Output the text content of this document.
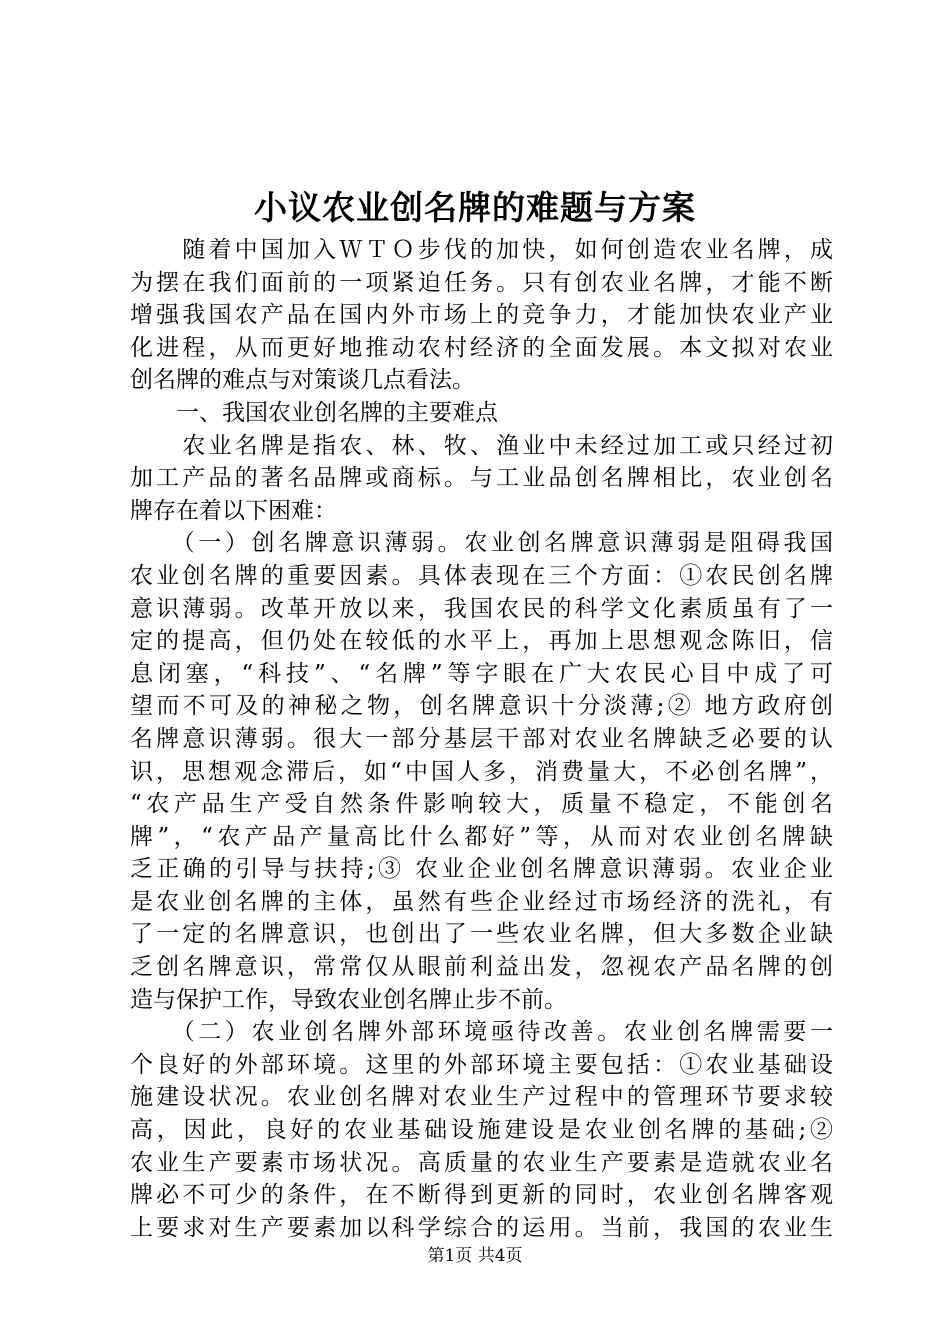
小议农业创名牌的难题与方案
　　随着中国加入ＷＴＯ步伐的加快，如何创造农业名牌，成
为摆在我们面前的一项紧迫任务。只有创农业名牌，才能不断
增强我国农产品在国内外市场上的竞争力，才能加快农业产业
化进程，从而更好地推动农村经济的全面发展。本文拟对农业
创名牌的难点与对策谈几点看法。
　　一、我国农业创名牌的主要难点
　　农业名牌是指农、林、牧、渔业中未经过加工或只经过初
加工产品的著名品牌或商标。与工业品创名牌相比，农业创名
牌存在着以下困难：
　　（一）创名牌意识薄弱。农业创名牌意识薄弱是阻碍我国
农业创名牌的重要因素。具体表现在三个方面：①农民创名牌
意识薄弱。改革开放以来，我国农民的科学文化素质虽有了一
定的提高，但仍处在较低的水平上，再加上思想观念陈旧，信
息闭塞，“科技”、“名牌”等字眼在广大农民心目中成了可
望而不可及的神秘之物，创名牌意识十分淡薄;② 地方政府创
名牌意识薄弱。很大一部分基层干部对农业名牌缺乏必要的认
识，思想观念滞后，如“中国人多，消费量大，不必创名牌”，
“农产品生产受自然条件影响较大，质量不稳定，不能创名
牌”，“农产品产量高比什么都好”等，从而对农业创名牌缺
乏正确的引导与扶持;③ 农业企业创名牌意识薄弱。农业企业
是农业创名牌的主体，虽然有些企业经过市场经济的洗礼，有
了一定的名牌意识，也创出了一些农业名牌，但大多数企业缺
乏创名牌意识，常常仅从眼前利益出发，忽视农产品名牌的创
造与保护工作，导致农业创名牌止步不前。
　　（二）农业创名牌外部环境亟待改善。农业创名牌需要一
个良好的外部环境。这里的外部环境主要包括：①农业基础设
施建设状况。农业创名牌对农业生产过程中的管理环节要求较
高，因此，良好的农业基础设施建设是农业创名牌的基础;②
农业生产要素市场状况。高质量的农业生产要素是造就农业名
牌必不可少的条件，在不断得到更新的同时，农业创名牌客观
上要求对生产要素加以科学综合的运用。当前，我国的农业生
第1页 共4页
